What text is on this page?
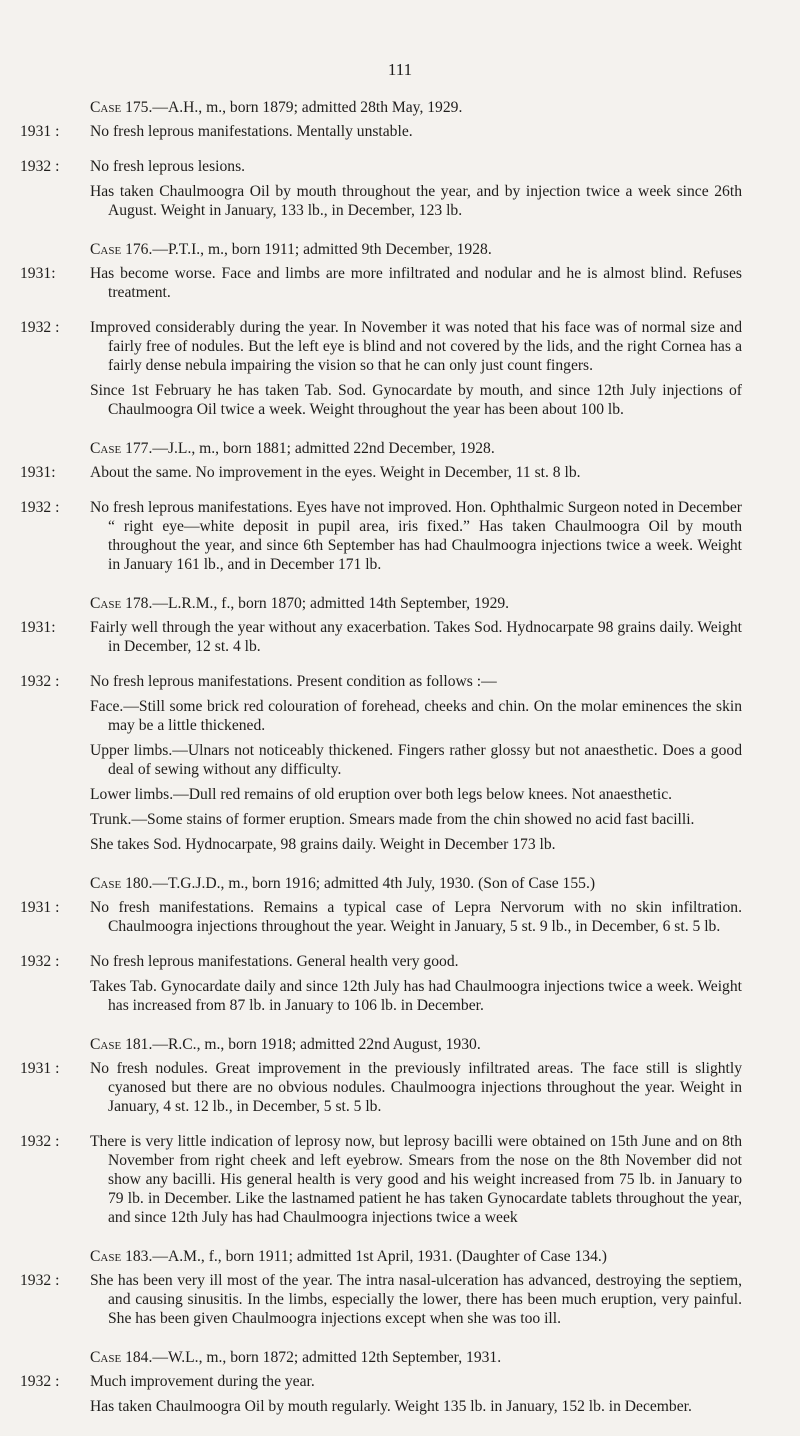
111
Case 175.—A.H., m., born 1879; admitted 28th May, 1929.
1931 :	No fresh leprous manifestations. Mentally unstable.

1932 :	No fresh leprous lesions.

Has taken Chaulmoogra Oil by mouth throughout the year, and by injection twice a week since 26th August. Weight in January, 133 lb., in December, 123 lb.

Case 176.—P.T.I., m., born 1911; admitted 9th December, 1928.
1931:	Has become worse. Face and limbs are more infiltrated and nodular and he is almost blind. Refuses treatment.

1932 :	Improved considerably during the year. In November it was noted that his face was of normal size and fairly free of nodules. But the left eye is blind and not covered by the lids, and the right Cornea has a fairly dense nebula impairing the vision so that he can only just count fingers.

Since 1st February he has taken Tab. Sod. Gynocardate by mouth, and since 12th July injections of Chaulmoogra Oil twice a week. Weight throughout the year has been about 100 lb.

Case 177.—J.L., m., born 1881; admitted 22nd December, 1928.
1931:	About the same. No improvement in the eyes. Weight in December, 11 st. 8 lb.

1932 :	No fresh leprous manifestations. Eyes have not improved. Hon. Ophthalmic Surgeon noted in December “ right eye—white deposit in pupil area, iris fixed.” Has taken Chaulmoogra Oil by mouth throughout the year, and since 6th September has had Chaulmoogra injections twice a week. Weight in January 161 lb., and in December 171 lb.

Case 178.—L.R.M., f., born 1870; admitted 14th September, 1929.
1931:	Fairly well through the year without any exacerbation. Takes Sod. Hydnocarpate 98 grains daily. Weight in December, 12 st. 4 lb.

1932 :	No fresh leprous manifestations. Present condition as follows :—

Face.—Still some brick red colouration of forehead, cheeks and chin. On the molar eminences the skin may be a little thickened.

Upper limbs.—Ulnars not noticeably thickened. Fingers rather glossy but not anaesthetic. Does a good deal of sewing without any difficulty.

Lower limbs.—Dull red remains of old eruption over both legs below knees. Not anaesthetic.

Trunk.—Some stains of former eruption. Smears made from the chin showed no acid fast bacilli.

She takes Sod. Hydnocarpate, 98 grains daily. Weight in December 173 lb.

Case 180.—T.G.J.D., m., born 1916; admitted 4th July, 1930. (Son of Case 155.)
1931 :	No fresh manifestations. Remains a typical case of Lepra Nervorum with no skin infiltration. Chaulmoogra injections throughout the year. Weight in January, 5 st. 9 lb., in December, 6 st. 5 lb.

1932 :	No fresh leprous manifestations. General health very good.

Takes Tab. Gynocardate daily and since 12th July has had Chaulmoogra injections twice a week. Weight has increased from 87 lb. in January to 106 lb. in December.

Case 181.—R.C., m., born 1918; admitted 22nd August, 1930.
1931 :	No fresh nodules. Great improvement in the previously infiltrated areas. The face still is slightly cyanosed but there are no obvious nodules. Chaulmoogra injections throughout the year. Weight in January, 4 st. 12 lb., in December, 5 st. 5 lb.

1932 :	There is very little indication of leprosy now, but leprosy bacilli were obtained on 15th June and on 8th November from right cheek and left eyebrow. Smears from the nose on the 8th November did not show any bacilli. His general health is very good and his weight increased from 75 lb. in January to 79 lb. in December. Like the lastnamed patient he has taken Gynocardate tablets throughout the year, and since 12th July has had Chaulmoogra injections twice a week

Case 183.—A.M., f., born 1911; admitted 1st April, 1931. (Daughter of Case 134.)
1932 :	She has been very ill most of the year. The intra nasal-ulceration has advanced, destroying the septiem, and causing sinusitis. In the limbs, especially the lower, there has been much eruption, very painful. She has been given Chaulmoogra injections except when she was too ill.

Case 184.—W.L., m., born 1872; admitted 12th September, 1931.
1932 :	Much improvement during the year.

Has taken Chaulmoogra Oil by mouth regularly. Weight 135 lb. in January, 152 lb. in December.
